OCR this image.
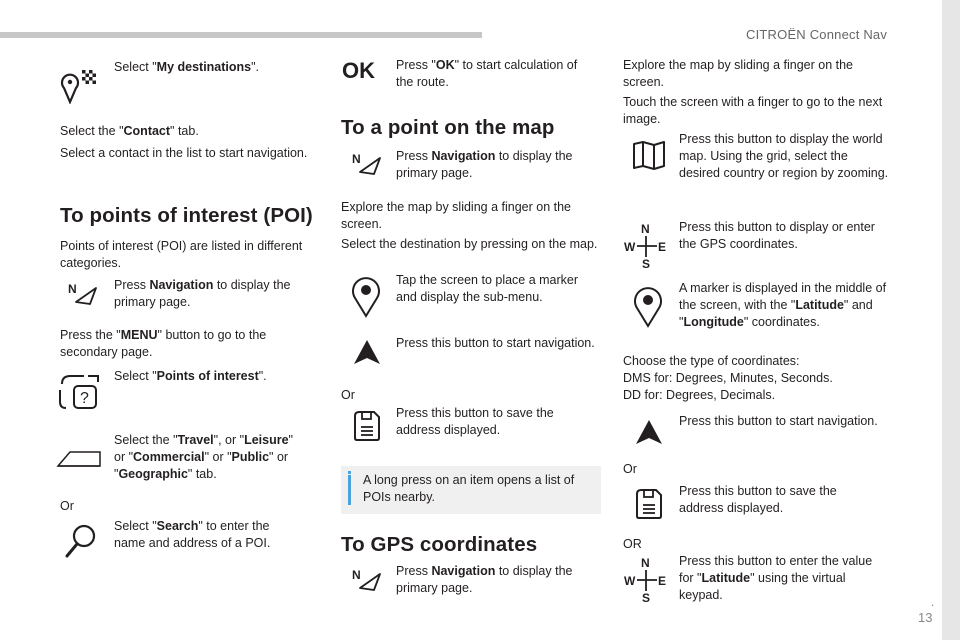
CITROËN Connect Nav
.
13
Select "My destinations".
Select the "Contact" tab.
Select a contact in the list to start navigation.
To points of interest (POI)
Points of interest (POI) are listed in different categories.
N	Press Navigation to display the primary page.
Press the "MENU" button to go to the secondary page.
?
Select "Points of interest".
Select the "Travel", or "Leisure" or "Commercial" or "Public" or "Geographic" tab.
Or
Select "Search" to enter the name and address of a POI.
OK Press "OK" to start calculation of the route.
To a point on the map
N	Press Navigation to display the primary page.
Explore the map by sliding a finger on the screen.
Select the destination by pressing on the map.
Tap the screen to place a marker and display the sub-menu.
Press this button to start navigation.
Or
Press this button to save the address displayed.
A long press on an item opens a list of POIs nearby.
To GPS coordinates
N	Press Navigation to display the primary page.
Explore the map by sliding a finger on the screen.
Touch the screen with a finger to go to the next image.
Press this button to display the world map. Using the grid, select the desired country or region by zooming.
N
W E
S
Press this button to display or enter the GPS coordinates.
A marker is displayed in the middle of the screen, with the "Latitude" and "Longitude" coordinates.
Choose the type of coordinates:
DMS for: Degrees, Minutes, Seconds.
DD for: Degrees, Decimals.
Press this button to start navigation.
Or
Press this button to save the address displayed.
OR
N
W E
S
Press this button to enter the value for "Latitude" using the virtual keypad.
